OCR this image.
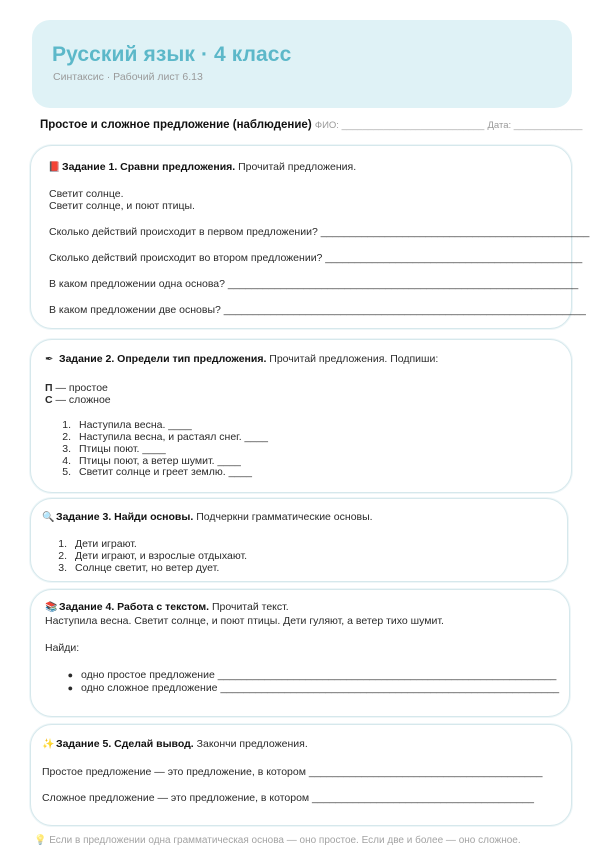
Русский язык · 4 класс
Синтаксис · Рабочий лист 6.13
Простое и сложное предложение (наблюдение) ФИО: ___________________________ Дата: _____________
📕 Задание 1. Сравни предложения. Прочитай предложения.
Светит солнце.
Светит солнце, и поют птицы.
Сколько действий происходит в первом предложении? ______________________________________________
Сколько действий происходит во втором предложении? ____________________________________________
В каком предложении одна основа? ____________________________________________________________
В каком предложении две основы? ______________________________________________________________
✒ Задание 2. Определи тип предложения. Прочитай предложения. Подпиши:
П — простое
С — сложное
1. Наступила весна. ____
2. Наступила весна, и растаял снег. ____
3. Птицы поют. ____
4. Птицы поют, а ветер шумит. ____
5. Светит солнце и греет землю. ____
🔍 Задание 3. Найди основы. Подчеркни грамматические основы.
1. Дети играют.
2. Дети играют, и взрослые отдыхают.
3. Солнце светит, но ветер дует.
📚 Задание 4. Работа с текстом. Прочитай текст.
Наступила весна. Светит солнце, и поют птицы. Дети гуляют, а ветер тихо шумит.
Найди:
● одно простое предложение __________________________________________________________
● одно сложное предложение __________________________________________________________
✨ Задание 5. Сделай вывод. Закончи предложения.
Простое предложение — это предложение, в котором ________________________________________
Сложное предложение — это предложение, в котором ______________________________________
💡 Если в предложении одна грамматическая основа — оно простое. Если две и более — оно сложное.
